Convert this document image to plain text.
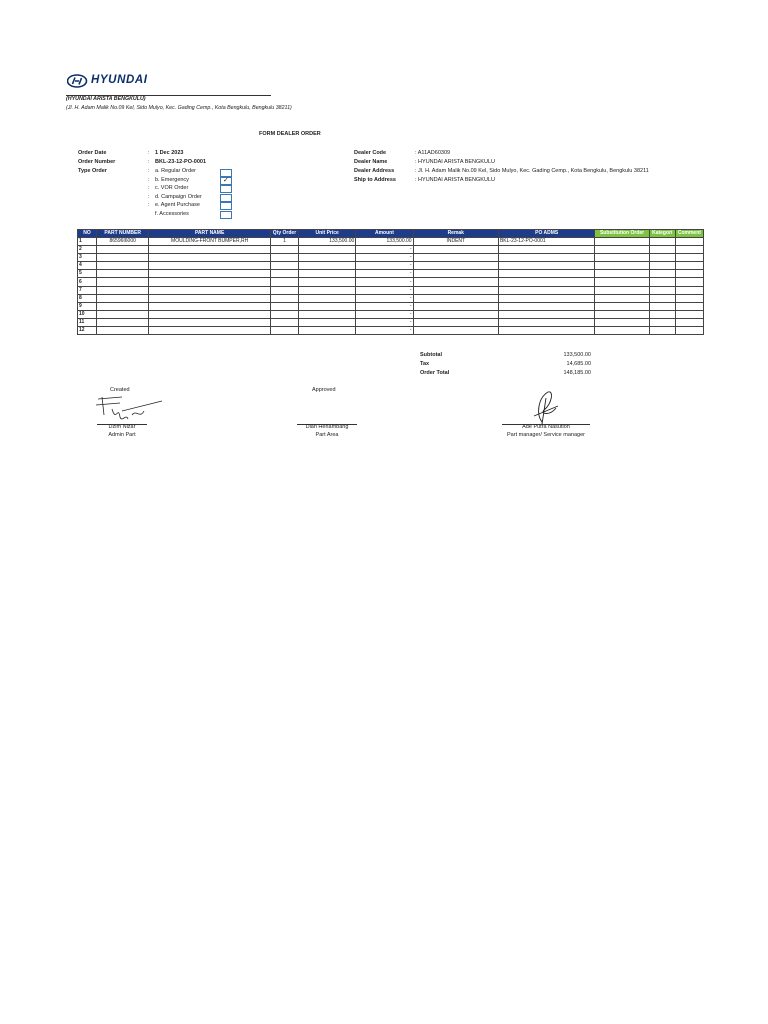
HYUNDAI
(HYUNDAI ARISTA BENGKULU)
(Jl. H. Adam Malik No.09 Kel, Sido Mulyo, Kec. Gading Cemp., Kota Bengkulu, Bengkulu 38211)
FORM DEALER ORDER
Order Date	: 1 Dec 2023
Order Number	: BKL-23-12-PO-0001
Type Order	: a. Regular Order
: b. Emergency	✓
: c. VOR Order
: d. Campaign Order
: e. Agent Purchase
f. Accessories
Dealer Code	: A11AD60309
Dealer Name	: HYUNDAI ARISTA BENGKULU
Dealer Address	: Jl. H. Adam Malik No.09 Kel, Sido Mulyo, Kec. Gading Cemp., Kota Bengkulu, Bengkulu 38211
Ship to Address	: HYUNDAI ARISTA BENGKULU
NO	PART NUMBER	PART NAME	Qty Order	Unit Price	Amount	Remak	PO ADMS	Substitution Order	Kategori	Comment
1	86596I6000	MOULDING-FRONT BUMPER,RH	1	133,500.00	133,500.00	INDENT	BKL-23-12-PO-0001			
2					-					
3					-					
4					-					
5					-					
6					-					
7					-					
8					-					
9					-					
10					-					
11					-					
12					-					
Subtotal	133,500.00
Tax	14,685.00
Order Total	148,185.00
Created	Approved
Dzim Nizar
Admin Part
Dian Herlambang
Part Area
Ade Putra Nasution
Part manager/ Service manager
